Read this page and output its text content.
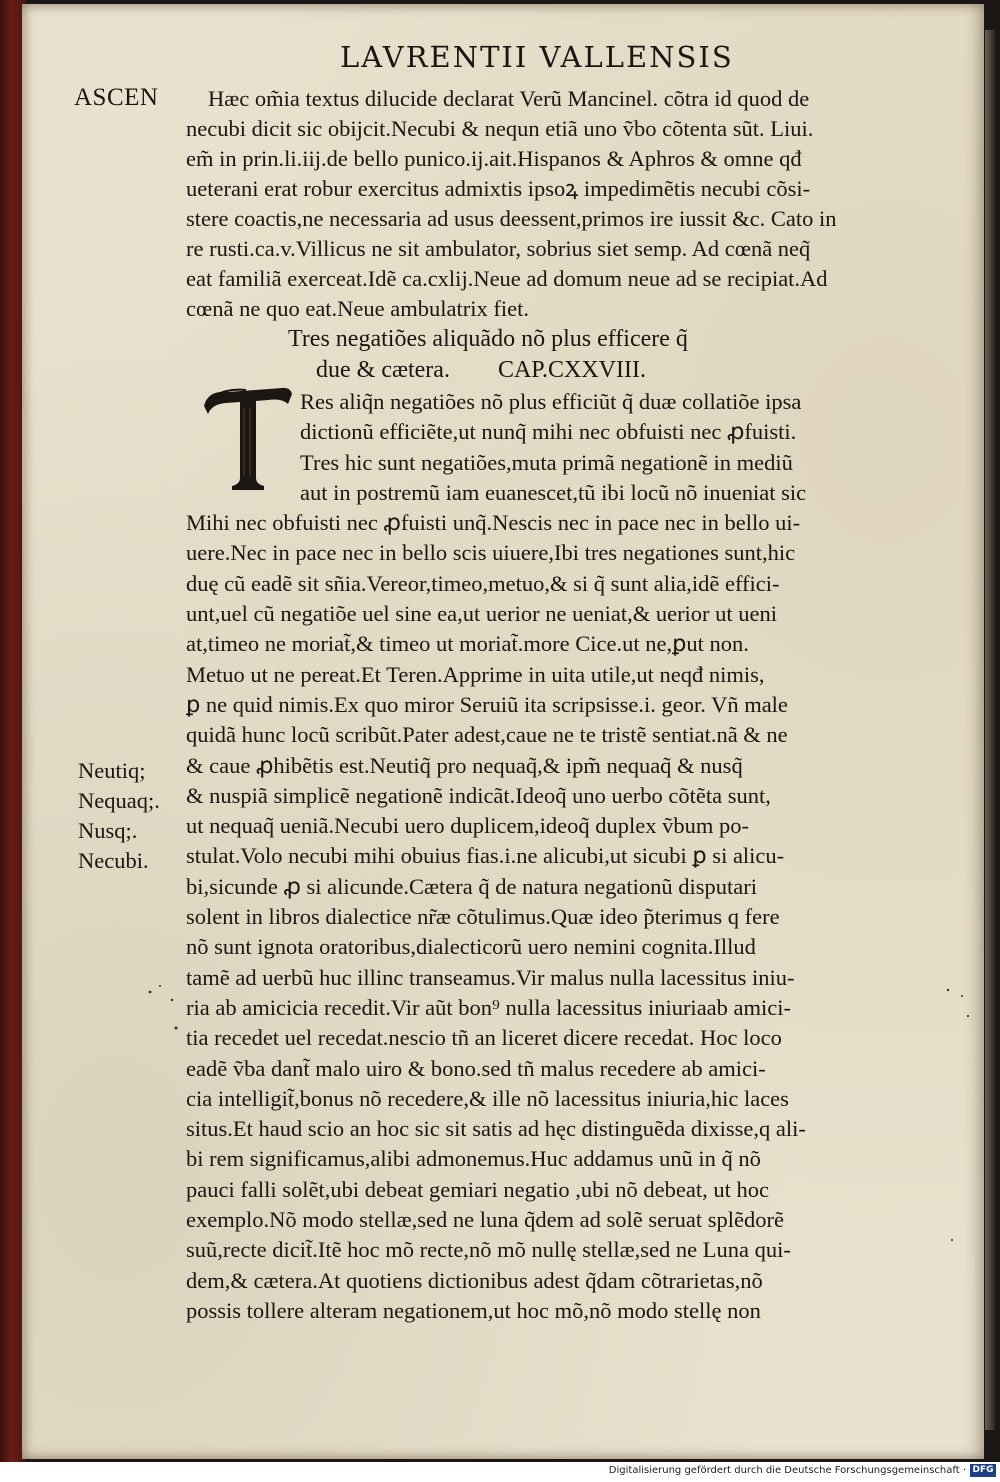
LAVRENTII VALLENSIS
ASCEN	Hæc om̃ia textus dilucide declarat Verũ Mancinel. cõtra id quod de
necubi dicit sic obijcit.Necubi & nequn etiã uno ṽbo cõtenta sũt. Liui.
em̃ in prin.li.iij.de bello punico.ij.ait.Hispanos & Aphros & omne qđ
ueterani erat robur exercitus admixtis ipsoꝝ impedimẽtis necubi cõsi-
stere coactis,ne necessaria ad usus deessent,primos ire iussit &c. Cato in
re rusti.ca.v.Villicus ne sit ambulator, sobrius siet semp. Ad cœnã neq̃
eat familiã exerceat.Idẽ ca.cxlij.Neue ad domum neue ad se recipiat.Ad
cœnã ne quo eat.Neue ambulatrix fiet.
Tres negatiões aliquãdo nõ plus efficere q̃
due & cætera. CAP.CXXVIII.
Res aliq̃n negatiões nõ plus efficiũt q̃ duæ collatiõe ipsa
dictionũ efficiẽte,ut nunq̃ mihi nec obfuisti nec ꝓfuisti.
Tres hic sunt negatiões,muta primã negationẽ in mediũ
aut in postremũ iam euanescet,tũ ibi locũ nõ inueniat sic
Mihi nec obfuisti nec ꝓfuisti unq̃.Nescis nec in pace nec in bello ui-
uere.Nec in pace nec in bello scis uiuere,Ibi tres negationes sunt,hic
duę cũ eadẽ sit sñia.Vereor,timeo,metuo,& si q̃ sunt alia,idẽ effici-
unt,uel cũ negatiõe uel sine ea,ut uerior ne ueniat,& uerior ut ueni
at,timeo ne moriat̃,& timeo ut moriat̃.more Cice.ut ne,ꝑut non.
Metuo ut ne pereat.Et Teren.Apprime in uita utile,ut neqđ nimis,
ꝑ ne quid nimis.Ex quo miror Seruiũ ita scripsisse.i. geor. Vñ male
quidã hunc locũ scribũt.Pater adest,caue ne te tristẽ sentiat.nã & ne
& caue ꝓhibẽtis est.Neutiq̃ pro nequaq̃,& ipm̃ nequaq̃ & nusq̃
& nuspiã simplicẽ negationẽ indicãt.Ideoq̃ uno uerbo cõtẽta sunt,
ut nequaq̃ ueniã.Necubi uero duplicem,ideoq̃ duplex ṽbum po-
stulat.Volo necubi mihi obuius fias.i.ne alicubi,ut sicubi ꝑ si alicu-
bi,sicunde ꝓ si alicunde.Cætera q̃ de natura negationũ disputari
solent in libros dialectice nr̃æ cõtulimus.Quæ ideo p̃terimus q fere
nõ sunt ignota oratoribus,dialecticorũ uero nemini cognita.Illud
tamẽ ad uerbũ huc illinc transeamus.Vir malus nulla lacessitus iniu-
ria ab amicicia recedit.Vir aũt bon⁹ nulla lacessitus iniuriaab amici-
tia recedet uel recedat.nescio tñ an liceret dicere recedat. Hoc loco
eadẽ ṽba dant̃ malo uiro & bono.sed tñ malus recedere ab amici-
cia intelligit̃,bonus nõ recedere,& ille nõ lacessitus iniuria,hic laces
situs.Et haud scio an hoc sic sit satis ad hęc distinguẽda dixisse,q ali-
bi rem significamus,alibi admonemus.Huc addamus unũ in q̃ nõ
pauci falli solẽt,ubi debeat gemiari negatio ,ubi nõ debeat, ut hoc
exemplo.Nõ modo stellæ,sed ne luna q̃dem ad solẽ seruat splẽdorẽ
suũ,recte dicit̃.Itẽ hoc mõ recte,nõ mõ nullę stellæ,sed ne Luna qui-
dem,& cætera.At quotiens dictionibus adest q̃dam cõtrarietas,nõ
possis tollere alteram negationem,ut hoc mõ,nõ modo stellę non
Neutiq;
Nequaq;.
Nusq;.
Necubi.
Digitalisierung gefördert durch die Deutsche Forschungsgemeinschaft · DFG
